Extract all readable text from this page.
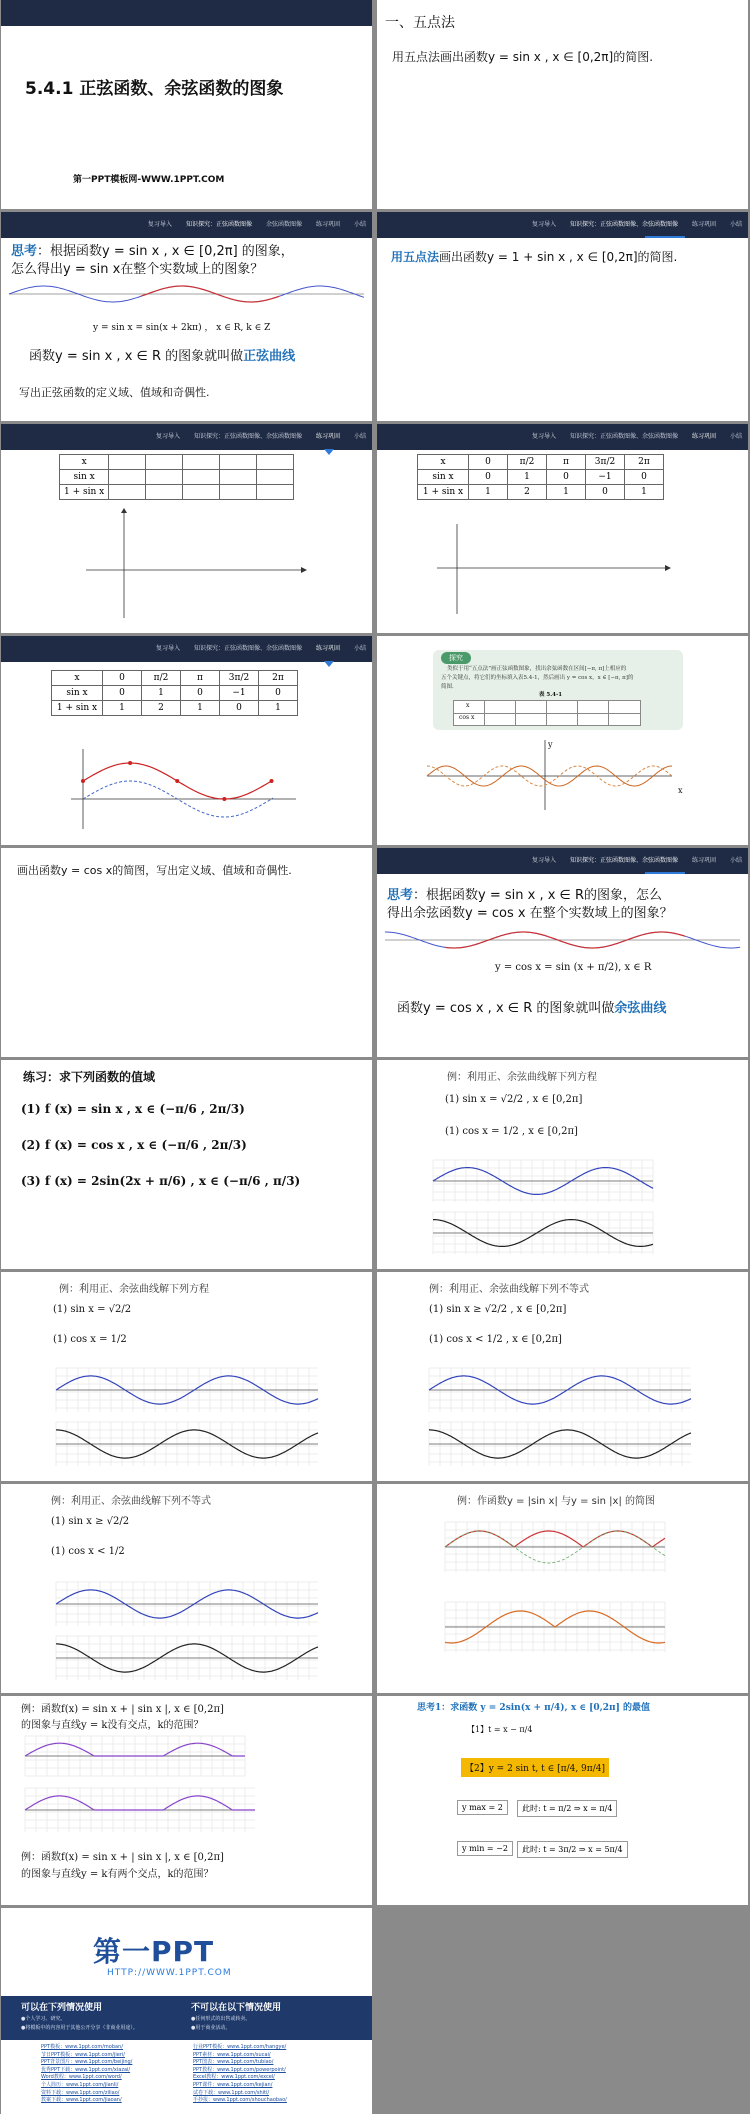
5.4.1 正弦函数、余弦函数的图象
第一PPT模板网-WWW.1PPT.COM
一、五点法
用五点法画出函数y = sin x , x ∈ [0,2π]的简图.
复习导入 知识探究：正弦函数图像 余弦函数图像 练习巩固 小结
思考：根据函数y = sin x , x ∈ [0,2π] 的图象，
怎么得出y = sin x在整个实数域上的图象？
y = sin x = sin(x + 2kπ) ， x ∈ R, k ∈ Z
函数y = sin x , x ∈ R 的图象就叫做正弦曲线
写出正弦函数的定义域、值域和奇偶性.
复习导入 知识探究：正弦函数图像、余弦函数图像 练习巩固 小结
用五点法画出函数y = 1 + sin x , x ∈ [0,2π]的简图.
复习导入 知识探究：正弦函数图像、余弦函数图像 练习巩固 小结
x					
sin x					
1 + sin x					
复习导入 知识探究：正弦函数图像、余弦函数图像 练习巩固 小结
x	0	π/2	π	3π/2	2π
sin x	0	1	0	−1	0
1 + sin x	1	2	1	0	1
复习导入 知识探究：正弦函数图像、余弦函数图像 练习巩固 小结
x	0	π/2	π	3π/2	2π
sin x	0	1	0	−1	0
1 + sin x	1	2	1	0	1
探究
类似于用“五点法”画正弦函数图象，找出余弦函数在区间[−π, π]上相应的
五个关键点，将它们的坐标填入表5.4-1，然后画出 y = cos x，x ∈ [−π, π]的
简图.
表 5.4-1
x
cos x
y
x
画出函数y = cos x的简图，写出定义域、值域和奇偶性.
复习导入 知识探究：正弦函数图像、余弦函数图像 练习巩固 小结
思考：根据函数y = sin x , x ∈ R的图象，怎么
得出余弦函数y = cos x 在整个实数域上的图象？
y = cos x = sin (x + π/2), x ∈ R
函数y = cos x , x ∈ R 的图象就叫做余弦曲线
练习：求下列函数的值域
(1) f (x) = sin x , x ∈ (−π/6 , 2π/3)
(2) f (x) = cos x , x ∈ (−π/6 , 2π/3)
(3) f (x) = 2sin(2x + π/6) , x ∈ (−π/6 , π/3)
例：利用正、余弦曲线解下列方程
(1) sin x = √2/2 , x ∈ [0,2π]
(1) cos x = 1/2 , x ∈ [0,2π]
例：利用正、余弦曲线解下列方程
(1) sin x = √2/2
(1) cos x = 1/2
例：利用正、余弦曲线解下列不等式
(1) sin x ≥ √2/2 , x ∈ [0,2π]
(1) cos x < 1/2 , x ∈ [0,2π]
例：利用正、余弦曲线解下列不等式
(1) sin x ≥ √2/2
(1) cos x < 1/2
例：作函数y = |sin x| 与y = sin |x| 的简图
例：函数f(x) = sin x + | sin x |, x ∈ [0,2π]
的图象与直线y = k没有交点，k的范围？
例：函数f(x) = sin x + | sin x |, x ∈ [0,2π]
的图象与直线y = k有两个交点，k的范围？
思考1：求函数 y = 2sin(x + π/4), x ∈ [0,2π] 的最值
【1】t = x − π/4
【2】y = 2 sin t, t ∈ [π/4, 9π/4]
y max = 2	此时: t = π/2 ⇒ x = π/4
y min = −2	此时: t = 3π/2 ⇒ x = 5π/4
第一PPT
HTTP://WWW.1PPT.COM
可以在下列情况使用
●个人学习、研究。
●将模板中的内容用于其他公开分享（非商业用途）。
不可以在以下情况使用
●任何形式的出售或转卖。
●用于商业活动。
PPT模板：www.1ppt.com/moban/
节日PPT模板：www.1ppt.com/jieri/
PPT背景图片：www.1ppt.com/beijing/
优秀PPT下载：www.1ppt.com/xiazai/
Word教程：www.1ppt.com/word/
个人简历：www.1ppt.com/jianli/
资料下载：www.1ppt.com/ziliao/
教案下载：www.1ppt.com/jiaoan/
行业PPT模板：www.1ppt.com/hangye/
PPT素材：www.1ppt.com/sucai/
PPT图表：www.1ppt.com/tubiao/
PPT教程：www.1ppt.com/powerpoint/
Excel教程：www.1ppt.com/excel/
PPT课件：www.1ppt.com/kejian/
试卷下载：www.1ppt.com/shiti/
手抄报：www.1ppt.com/shouchaobao/
